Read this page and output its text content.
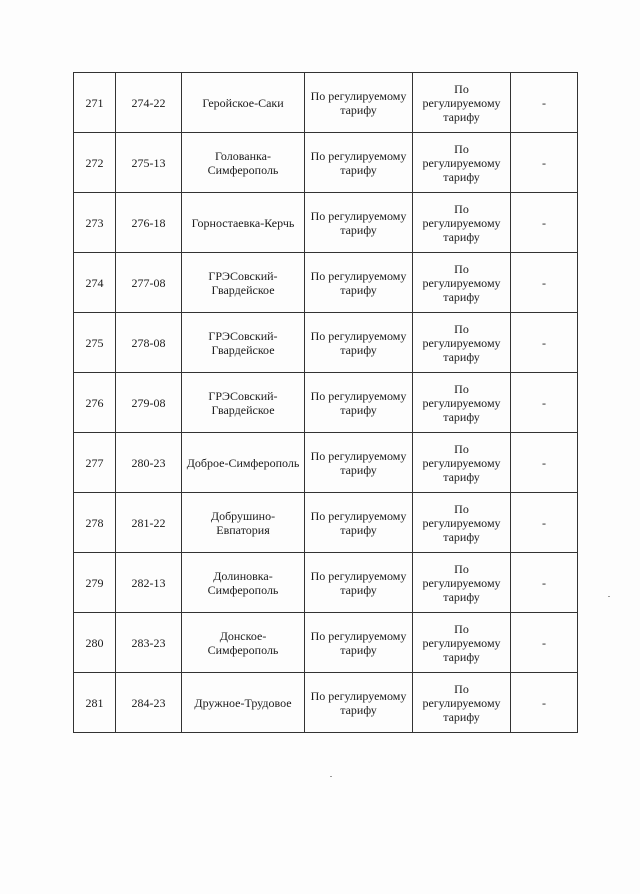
271	274-22	Геройское-Саки	По регулируемому тарифу	По регулируемому тарифу	-
272	275-13	Голованка-Симферополь	По регулируемому тарифу	По регулируемому тарифу	-
273	276-18	Горностаевка-Керчь	По регулируемому тарифу	По регулируемому тарифу	-
274	277-08	ГРЭСовский-Гвардейское	По регулируемому тарифу	По регулируемому тарифу	-
275	278-08	ГРЭСовский-Гвардейское	По регулируемому тарифу	По регулируемому тарифу	-
276	279-08	ГРЭСовский-Гвардейское	По регулируемому тарифу	По регулируемому тарифу	-
277	280-23	Доброе-Симферополь	По регулируемому тарифу	По регулируемому тарифу	-
278	281-22	Добрушино-Евпатория	По регулируемому тарифу	По регулируемому тарифу	-
279	282-13	Долиновка-Симферополь	По регулируемому тарифу	По регулируемому тарифу	-
280	283-23	Донское-Симферополь	По регулируемому тарифу	По регулируемому тарифу	-
281	284-23	Дружное-Трудовое	По регулируемому тарифу	По регулируемому тарифу	-
